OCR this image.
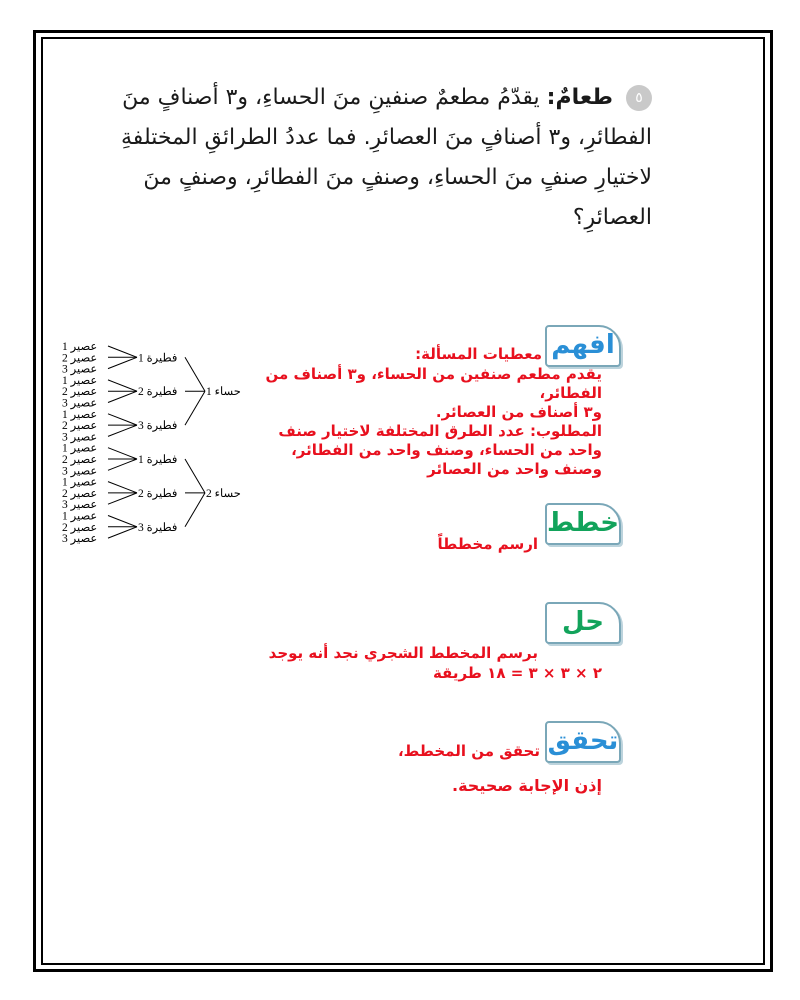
٥ طعامٌ: يقدّمُ مطعمٌ صنفينِ منَ الحساءِ، و٣ أصنافٍ منَ الفطائرِ، و٣ أصنافٍ منَ العصائرِ. فما عددُ الطرائقِ المختلفةِ لاختيارِ صنفٍ منَ الحساءِ، وصنفٍ منَ الفطائرِ، وصنفٍ منَ العصائرِ؟
افهم
معطيات المسألة:
يقدم مطعم صنفين من الحساء، و٣ أصناف من الفطائر،
و٣ أصناف من العصائر.
المطلوب: عدد الطرق المختلفة لاختيار صنف واحد من الحساء، وصنف واحد من الفطائر، وصنف واحد من العصائر
خطط
ارسم مخططاً
حل
برسم المخطط الشجري نجد أنه يوجد
٢ × ٣ × ٣ = ١٨ طريقة
تحقق
تحقق من المخطط،
إذن الإجابة صحيحة.
عصير 1
عصير 2
عصير 3
فطيرة 1
عصير 1
عصير 2
عصير 3
فطيرة 2
عصير 1
عصير 2
عصير 3
فطيرة 3
حساء 1
عصير 1
عصير 2
عصير 3
فطيرة 1
عصير 1
عصير 2
عصير 3
فطيرة 2
عصير 1
عصير 2
عصير 3
فطيرة 3
حساء 2
